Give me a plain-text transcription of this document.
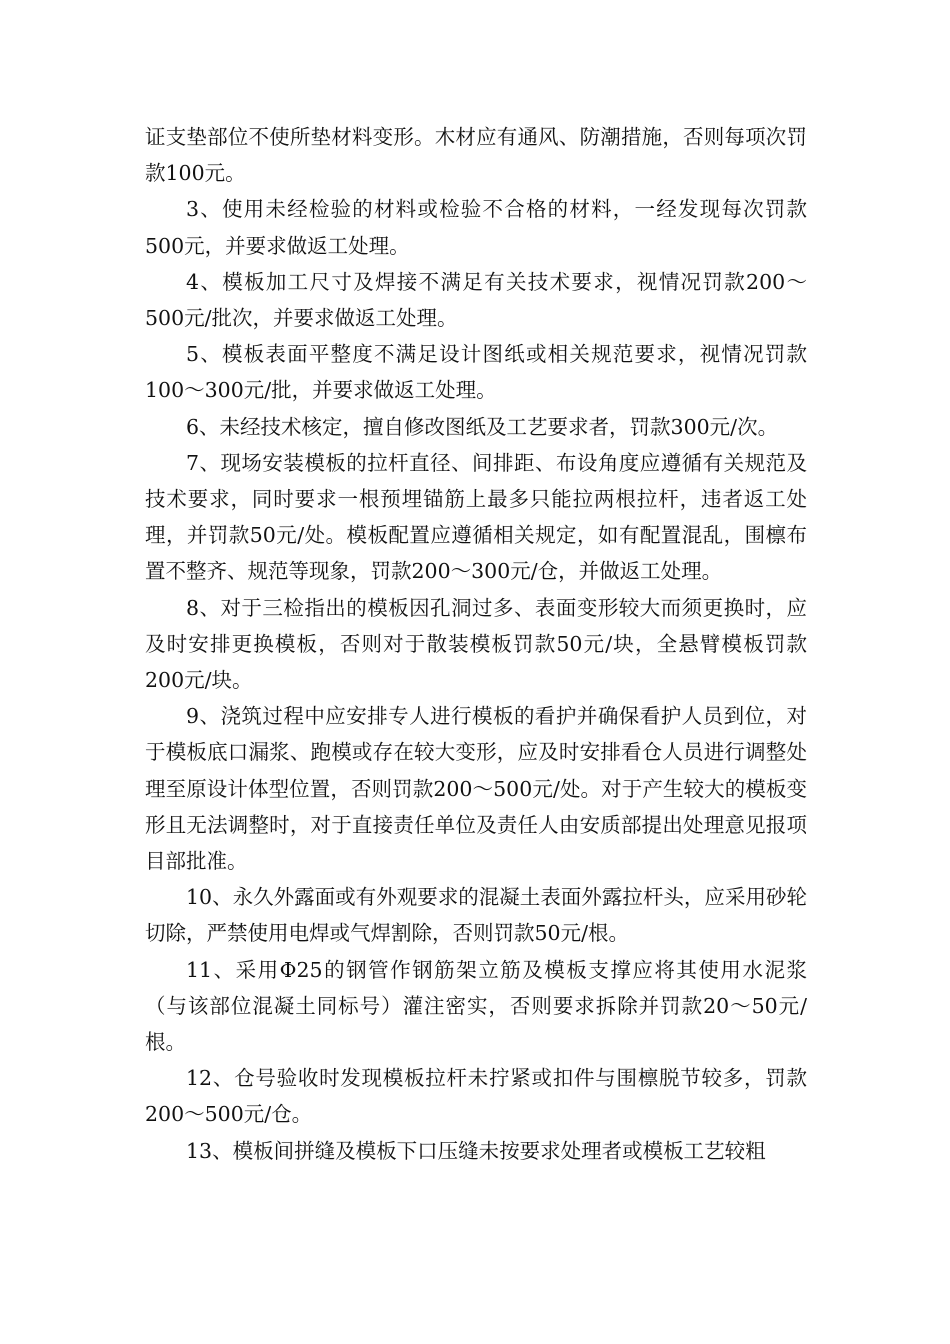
证支垫部位不使所垫材料变形。木材应有通风、防潮措施，否则每项次罚款100元。

3、使用未经检验的材料或检验不合格的材料，一经发现每次罚款500元，并要求做返工处理。

4、模板加工尺寸及焊接不满足有关技术要求，视情况罚款200～500元/批次，并要求做返工处理。

5、模板表面平整度不满足设计图纸或相关规范要求，视情况罚款100～300元/批，并要求做返工处理。

6、未经技术核定，擅自修改图纸及工艺要求者，罚款300元/次。

7、现场安装模板的拉杆直径、间排距、布设角度应遵循有关规范及技术要求，同时要求一根预埋锚筋上最多只能拉两根拉杆，违者返工处理，并罚款50元/处。模板配置应遵循相关规定，如有配置混乱，围檩布置不整齐、规范等现象，罚款200～300元/仓，并做返工处理。

8、对于三检指出的模板因孔洞过多、表面变形较大而须更换时，应及时安排更换模板，否则对于散装模板罚款50元/块，全悬臂模板罚款200元/块。

9、浇筑过程中应安排专人进行模板的看护并确保看护人员到位，对于模板底口漏浆、跑模或存在较大变形，应及时安排看仓人员进行调整处理至原设计体型位置，否则罚款200～500元/处。对于产生较大的模板变形且无法调整时，对于直接责任单位及责任人由安质部提出处理意见报项目部批准。

10、永久外露面或有外观要求的混凝土表面外露拉杆头，应采用砂轮切除，严禁使用电焊或气焊割除，否则罚款50元/根。

11、采用Φ25的钢管作钢筋架立筋及模板支撑应将其使用水泥浆（与该部位混凝土同标号）灌注密实，否则要求拆除并罚款20～50元/根。

12、仓号验收时发现模板拉杆未拧紧或扣件与围檩脱节较多，罚款200～500元/仓。

13、模板间拼缝及模板下口压缝未按要求处理者或模板工艺较粗
